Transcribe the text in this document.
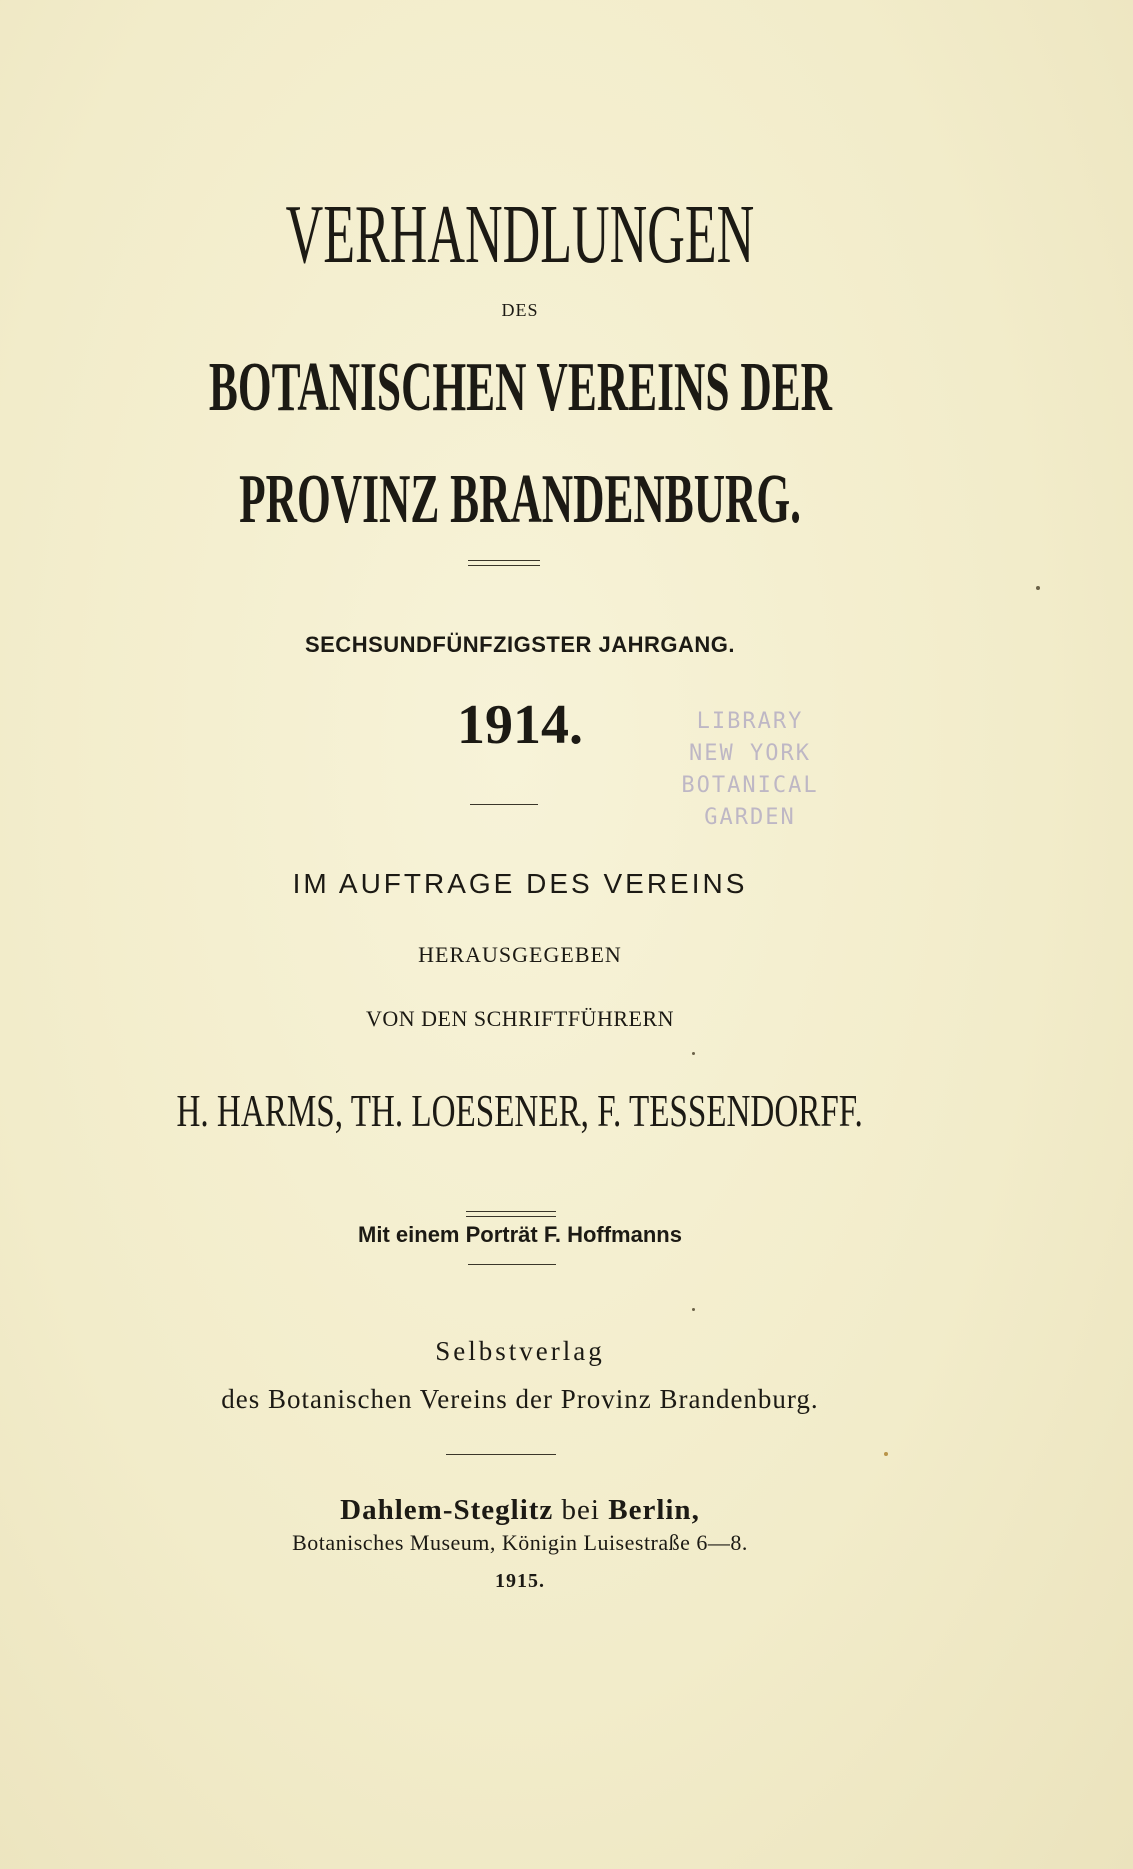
VERHANDLUNGEN
DES
BOTANISCHEN VEREINS DER
PROVINZ BRANDENBURG.
SECHSUNDFÜNFZIGSTER JAHRGANG.
1914.	LIBRARY
NEW YORK
BOTANICAL
GARDEN
IM AUFTRAGE DES VEREINS
HERAUSGEGEBEN
VON DEN SCHRIFTFÜHRERN
H. HARMS, TH. LOESENER, F. TESSENDORFF.
Mit einem Porträt F. Hoffmanns
Selbstverlag
des Botanischen Vereins der Provinz Brandenburg.
Dahlem-Steglitz bei Berlin,
Botanisches Museum, Königin Luisestraße 6—8.
1915.
